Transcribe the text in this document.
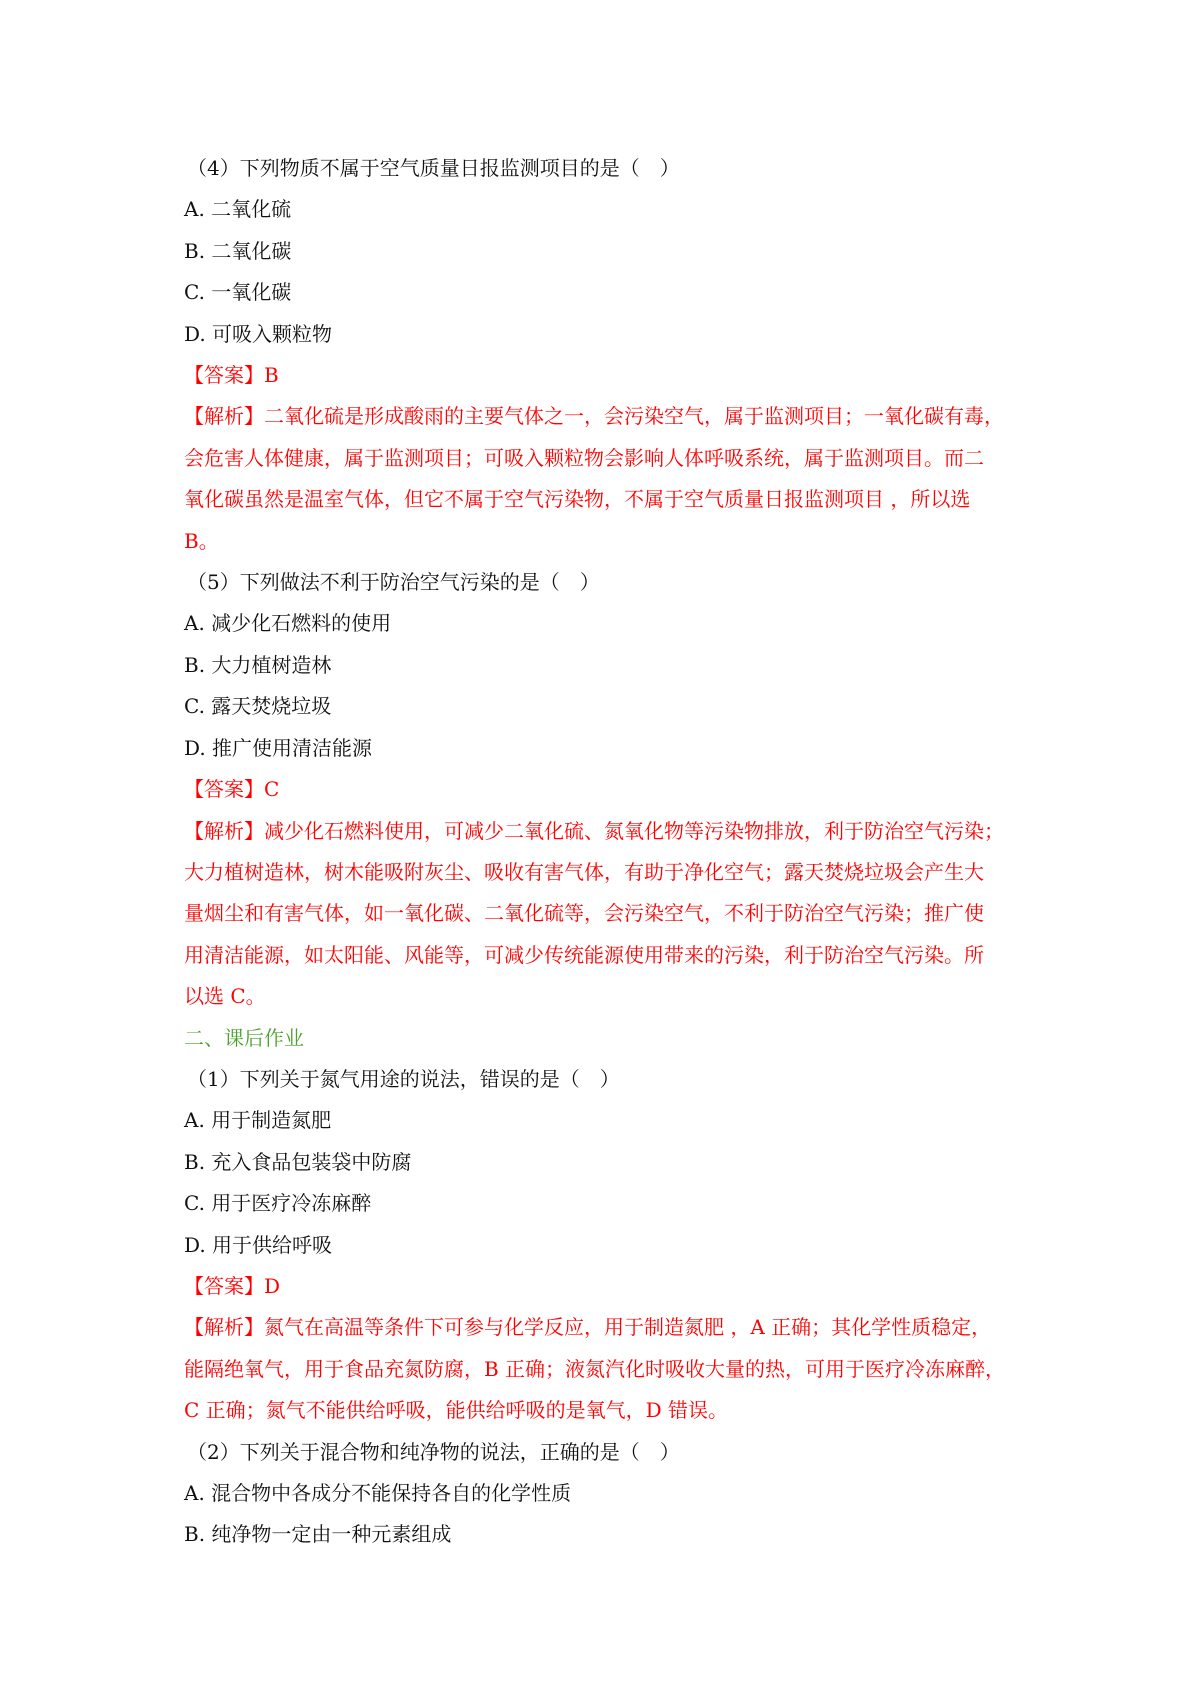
（4）下列物质不属于空气质量日报监测项目的是（　）
A. 二氧化硫
B. 二氧化碳
C. 一氧化碳
D. 可吸入颗粒物
【答案】B
【解析】二氧化硫是形成酸雨的主要气体之一，会污染空气，属于监测项目；一氧化碳有毒，
会危害人体健康，属于监测项目；可吸入颗粒物会影响人体呼吸系统，属于监测项目。而二
氧化碳虽然是温室气体，但它不属于空气污染物，不属于空气质量日报监测项目 ，所以选
B。
（5）下列做法不利于防治空气污染的是（　）
A. 减少化石燃料的使用
B. 大力植树造林
C. 露天焚烧垃圾
D. 推广使用清洁能源
【答案】C
【解析】减少化石燃料使用，可减少二氧化硫、氮氧化物等污染物排放，利于防治空气污染；
大力植树造林，树木能吸附灰尘、吸收有害气体，有助于净化空气；露天焚烧垃圾会产生大
量烟尘和有害气体，如一氧化碳、二氧化硫等，会污染空气，不利于防治空气污染；推广使
用清洁能源，如太阳能、风能等，可减少传统能源使用带来的污染，利于防治空气污染。所
以选 C。
二、课后作业
（1）下列关于氮气用途的说法，错误的是（　）
A. 用于制造氮肥
B. 充入食品包装袋中防腐
C. 用于医疗冷冻麻醉
D. 用于供给呼吸
【答案】D
【解析】氮气在高温等条件下可参与化学反应，用于制造氮肥 ，A 正确；其化学性质稳定，
能隔绝氧气，用于食品充氮防腐，B 正确；液氮汽化时吸收大量的热，可用于医疗冷冻麻醉，
C 正确；氮气不能供给呼吸，能供给呼吸的是氧气，D 错误。
（2）下列关于混合物和纯净物的说法，正确的是（　）
A. 混合物中各成分不能保持各自的化学性质
B. 纯净物一定由一种元素组成
